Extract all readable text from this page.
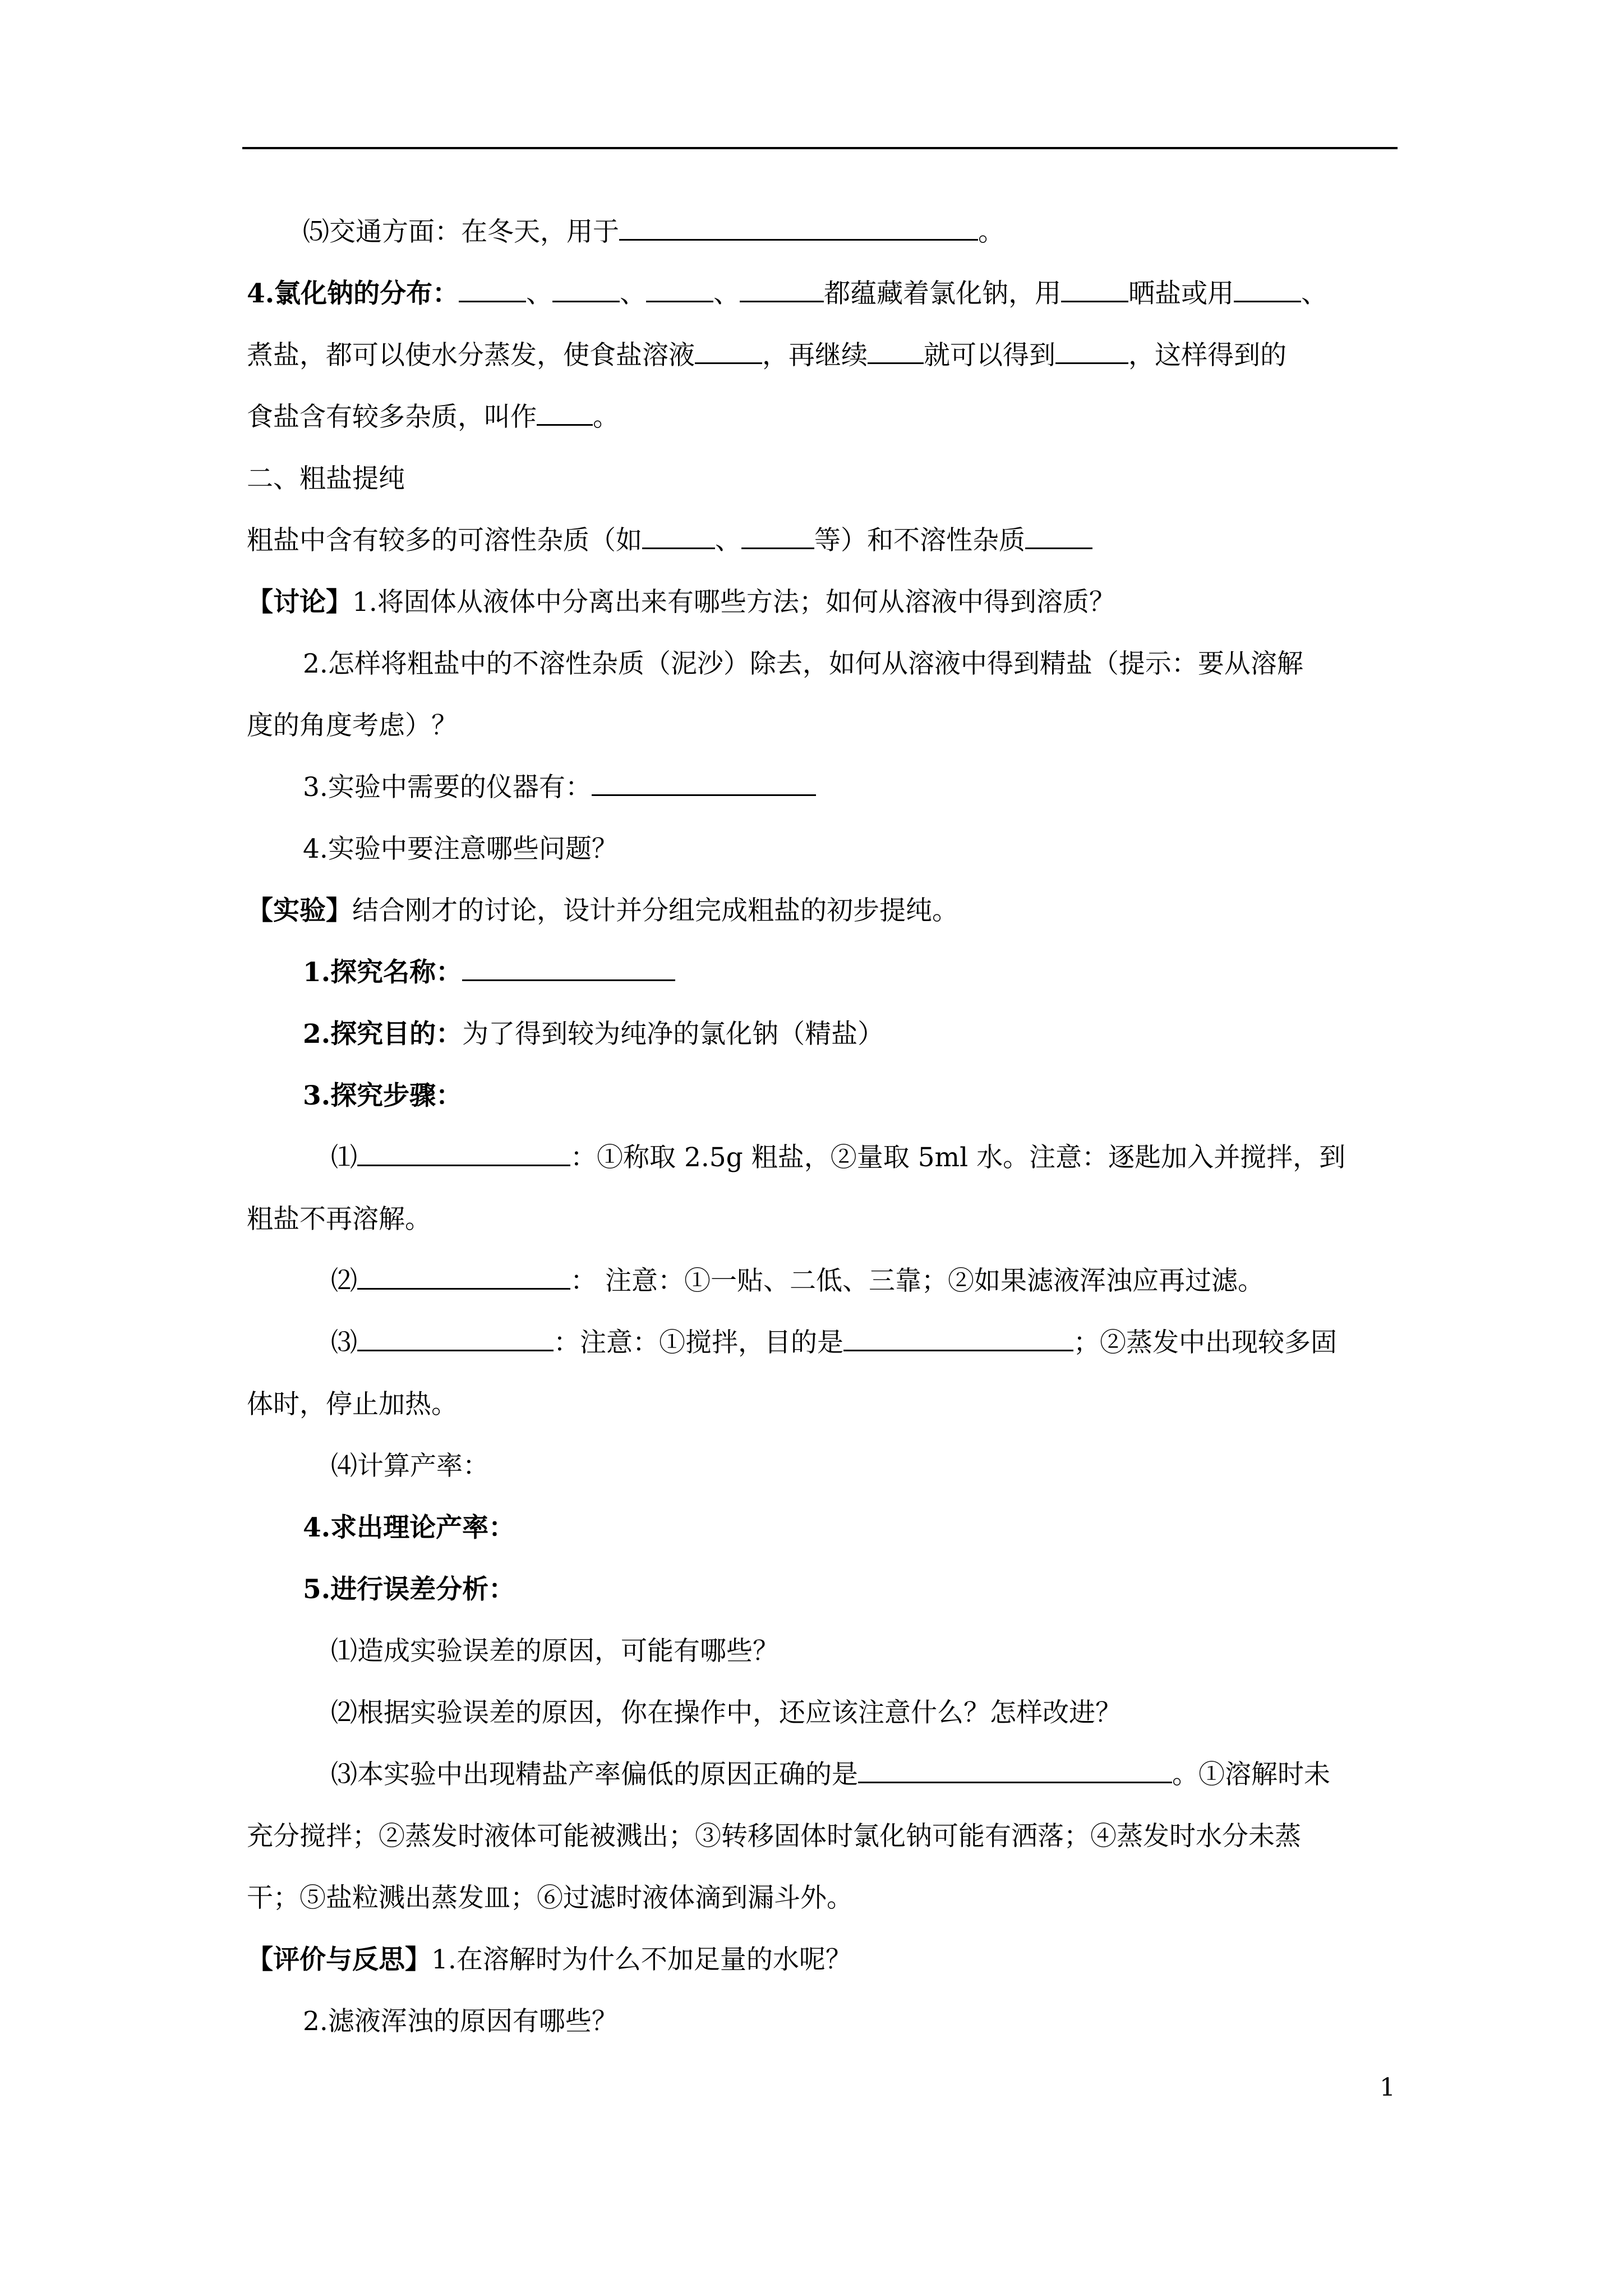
⑸交通方面：在冬天，用于	。
4.氯化钠的分布：	、	、	、	都蕴藏着氯化钠，用	晒盐或用	、
煮盐，都可以使水分蒸发，使食盐溶液	，再继续 就可以得到	，这样得到的
食盐含有较多杂质，叫作 。
二、粗盐提纯
粗盐中含有较多的可溶性杂质（如	、	等）和不溶性杂质
【讨论】1.将固体从液体中分离出来有哪些方法；如何从溶液中得到溶质？
2.怎样将粗盐中的不溶性杂质（泥沙）除去，如何从溶液中得到精盐（提示：要从溶解
度的角度考虑）？
3.实验中需要的仪器有：
4.实验中要注意哪些问题？
【实验】结合刚才的讨论，设计并分组完成粗盐的初步提纯。
1.探究名称：
2.探究目的：为了得到较为纯净的氯化钠（精盐）
3.探究步骤：
⑴	：①称取 2.5g 粗盐，②量取 5ml 水。注意：逐匙加入并搅拌，到
粗盐不再溶解。
⑵	： 注意：①一贴、二低、三靠；②如果滤液浑浊应再过滤。
⑶	：注意：①搅拌，目的是	；②蒸发中出现较多固
体时，停止加热。
⑷计算产率：
4.求出理论产率：
5.进行误差分析：
⑴造成实验误差的原因，可能有哪些？
⑵根据实验误差的原因，你在操作中，还应该注意什么？怎样改进？
⑶本实验中出现精盐产率偏低的原因正确的是	。①溶解时未
充分搅拌；②蒸发时液体可能被溅出；③转移固体时氯化钠可能有洒落；④蒸发时水分未蒸
干；⑤盐粒溅出蒸发皿；⑥过滤时液体滴到漏斗外。
【评价与反思】1.在溶解时为什么不加足量的水呢？
2.滤液浑浊的原因有哪些？
1
